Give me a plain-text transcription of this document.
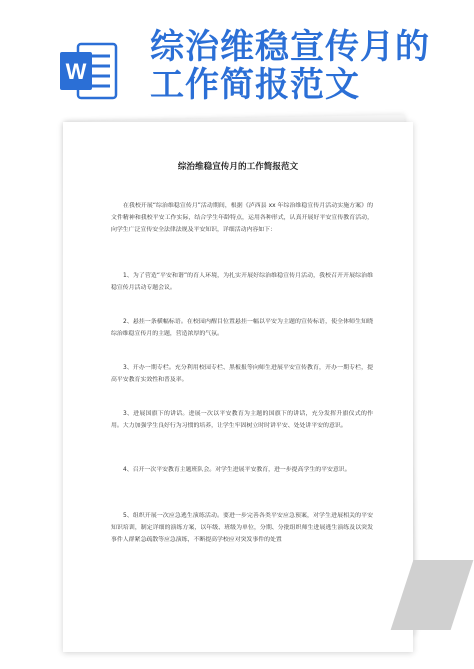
W
综治维稳宣传月的工作简报范文
综治维稳宣传月的工作简报范文

在我校开展“综治维稳宣传月”活动期间，根据《泸西县 xx 年综治维稳宣传月活动实施方案》的文件精神和我校平安工作实际，结合学生年龄特点，运用各种形式，认真开展好平安宣传教育活动，向学生广泛宣传安全法律法规及平安知识，详细活动内容如下：

1、为了营造“平安和谐”的育人环境，为扎实开展好综治维稳宣传月活动，我校召开开展综治维稳宣传月活动专题会议。

2、悬挂一条横幅标语。在校园内醒目位置悬挂一幅以平安为主题的宣传标语，使全体师生知晓综治维稳宣传月的主题，营造浓厚的气氛。

3、开办一期专栏。充分利用校园专栏、黑板报等向师生进展平安宣传教育，开办一期专栏，提高平安教育实效性和普及率。

3、进展国旗下的讲话。进展一次以平安教育为主题的国旗下的讲话，充分发挥升旗仪式的作用。大力加强学生良好行为习惯的培养，让学生牢固树立时时讲平安、处处讲平安的意识。

4、召开一次平安教育主题班队会。对学生进展平安教育，进一步提高学生的平安意识。

5、组织开展一次应急逃生演练活动。要进一步完善各类平安应急预案，对学生进展相关的平安知识培训，制定详细的演练方案，以年级、班级为单位，分期、分批组织师生进展逃生演练及以突发事件人群紧急疏散等应急演练，不断提高学校应对突发事件的处置
